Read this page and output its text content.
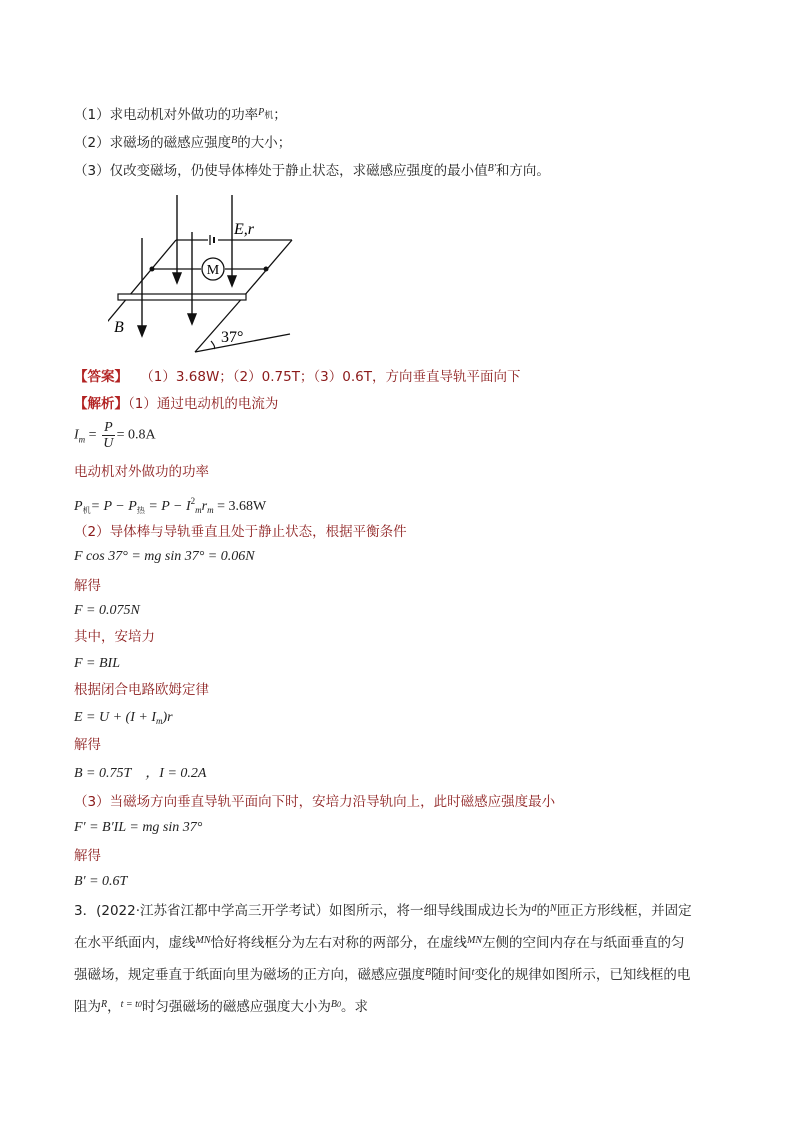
（1）求电动机对外做功的功率$^{P机}$；
（2）求磁场的磁感应强度$^B$的大小；
（3）仅改变磁场，仍使导体棒处于静止状态，求磁感应强度的最小值$^{B'}$和方向。
M
E,r
B
37°
【答案】 （1）3.68W；（2）0.75T；（3）0.6T，方向垂直导轨平面向下
【解析】（1）通过电动机的电流为
$I_m = \frac{P}{U} = 0.8A$
电动机对外做功的功率
$P_机= P - P_热 = P - I^2_mr_m = 3.68W$
（2）导体棒与导轨垂直且处于静止状态，根据平衡条件
F cos 37° = mg sin 37° = 0.06N
解得
F = 0.075N
其中，安培力
F = BIL
根据闭合电路欧姆定律
$E = U + (I + I_m)r$
解得
B = 0.75T ，I = 0.2A
（3）当磁场方向垂直导轨平面向下时，安培力沿导轨向上，此时磁感应强度最小
F′ = B′IL = mg sin 37°
解得
B′ = 0.6T
3．(2022·江苏省江都中学高三开学考试）如图所示，将一细导线围成边长为$^d$的$^N$匝正方形线框，并固定
在水平纸面内，虚线$^{MN}$恰好将线框分为左右对称的两部分，在虚线$^{MN}$左侧的空间内存在与纸面垂直的匀
强磁场，规定垂直于纸面向里为磁场的正方向，磁感应强度$^B$随时间$^t$变化的规律如图所示，已知线框的电
阻为$^R$，$^{t = t0}$时匀强磁场的磁感应强度大小为$^{B0}$。求
